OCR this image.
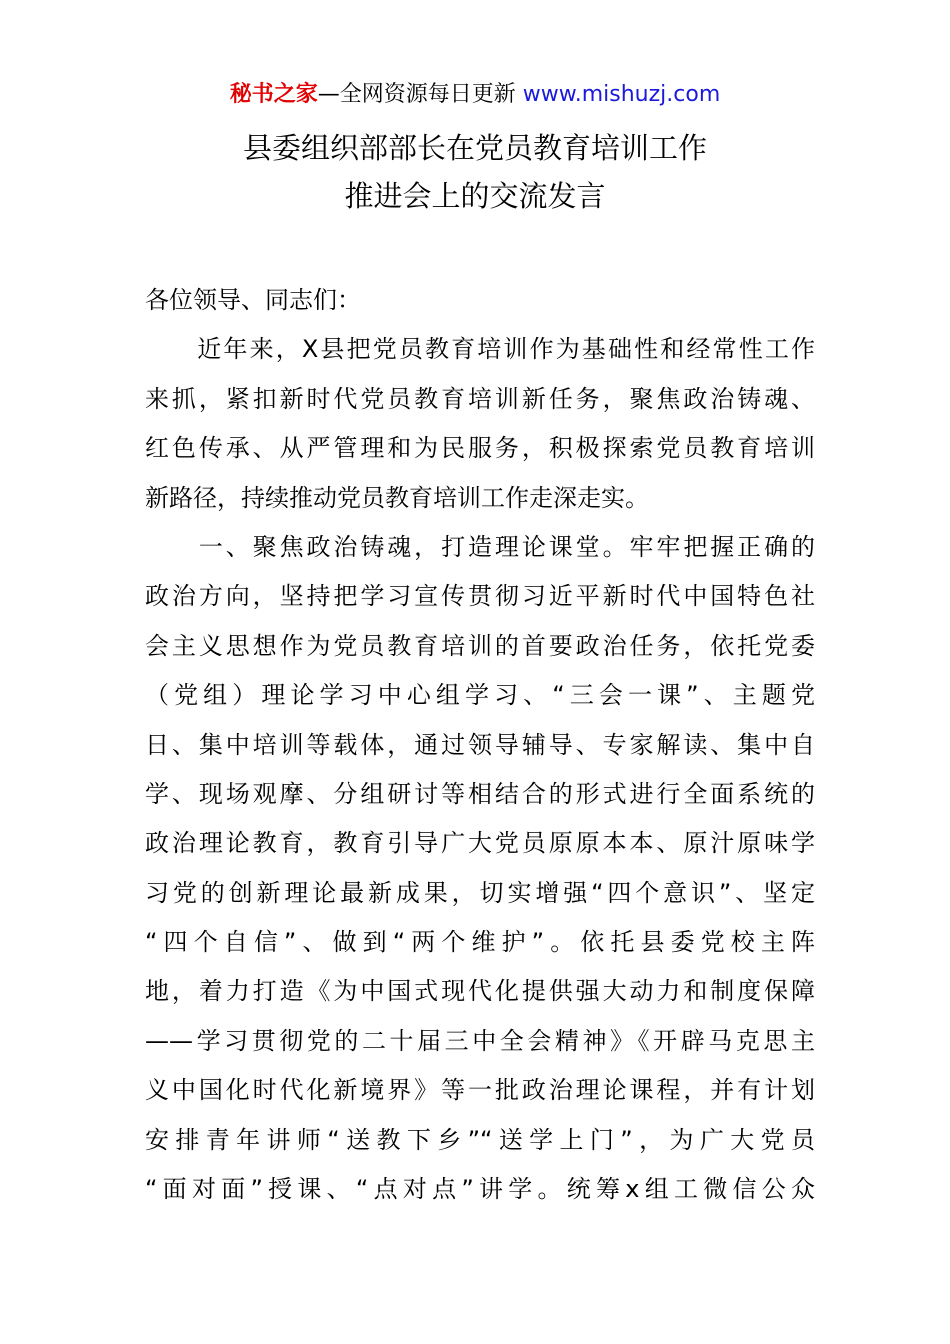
秘书之家—全网资源每日更新 www.mishuzj.com
县委组织部部长在党员教育培训工作
推进会上的交流发言
各位领导、同志们：
　　近年来，X县把党员教育培训作为基础性和经常性工作
来抓，紧扣新时代党员教育培训新任务，聚焦政治铸魂、
红色传承、从严管理和为民服务，积极探索党员教育培训
新路径，持续推动党员教育培训工作走深走实。
　　一、聚焦政治铸魂，打造理论课堂。牢牢把握正确的
政治方向，坚持把学习宣传贯彻习近平新时代中国特色社
会主义思想作为党员教育培训的首要政治任务，依托党委
（党组）理论学习中心组学习、“三会一课”、主题党
日、集中培训等载体，通过领导辅导、专家解读、集中自
学、现场观摩、分组研讨等相结合的形式进行全面系统的
政治理论教育，教育引导广大党员原原本本、原汁原味学
习党的创新理论最新成果，切实增强“四个意识”、坚定
“四个自信”、做到“两个维护”。依托县委党校主阵
地，着力打造《为中国式现代化提供强大动力和制度保障
——学习贯彻党的二十届三中全会精神》《开辟马克思主
义中国化时代化新境界》等一批政治理论课程，并有计划
安排青年讲师“送教下乡”“送学上门”，为广大党员
“面对面”授课、“点对点”讲学。统筹x组工微信公众
